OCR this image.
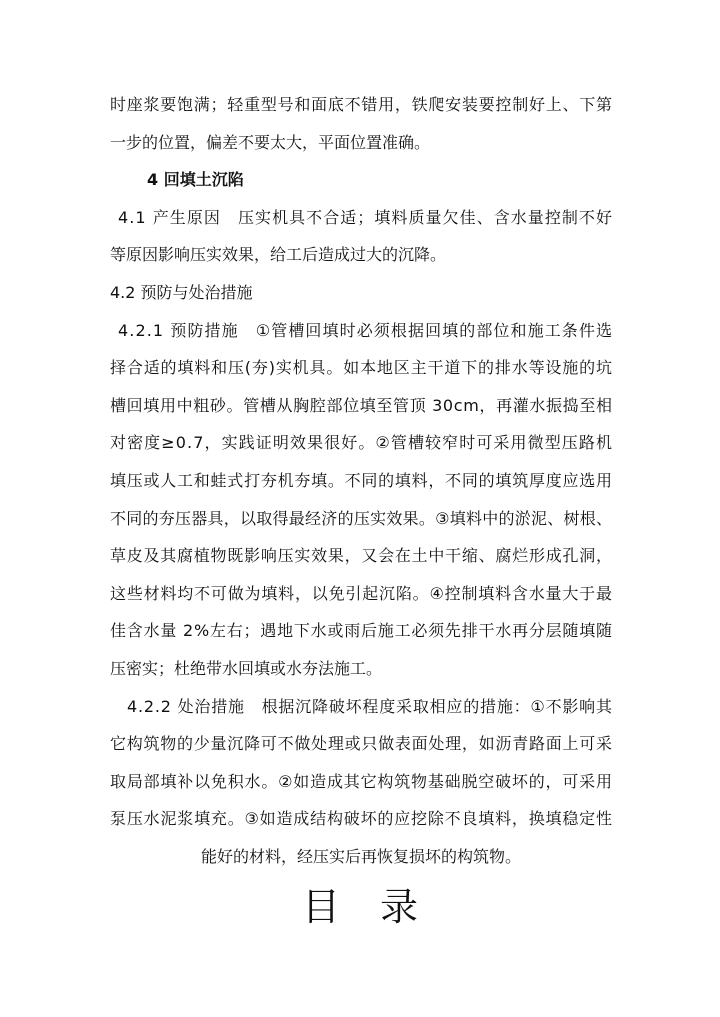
时座浆要饱满；轻重型号和面底不错用，铁爬安装要控制好上、下第
一步的位置，偏差不要太大，平面位置准确。
4 回填土沉陷
4.1 产生原因　压实机具不合适；填料质量欠佳、含水量控制不好
等原因影响压实效果，给工后造成过大的沉降。
4.2 预防与处治措施
4.2.1 预防措施　①管槽回填时必须根据回填的部位和施工条件选
择合适的填料和压(夯)实机具。如本地区主干道下的排水等设施的坑
槽回填用中粗砂。管槽从胸腔部位填至管顶 30cm，再灌水振捣至相
对密度≥0.7，实践证明效果很好。②管槽较窄时可采用微型压路机
填压或人工和蛙式打夯机夯填。不同的填料，不同的填筑厚度应选用
不同的夯压器具，以取得最经济的压实效果。③填料中的淤泥、树根、
草皮及其腐植物既影响压实效果，又会在土中干缩、腐烂形成孔洞，
这些材料均不可做为填料，以免引起沉陷。④控制填料含水量大于最
佳含水量 2%左右；遇地下水或雨后施工必须先排干水再分层随填随
压密实；杜绝带水回填或水夯法施工。
4.2.2 处治措施　根据沉降破坏程度采取相应的措施：①不影响其
它构筑物的少量沉降可不做处理或只做表面处理，如沥青路面上可采
取局部填补以免积水。②如造成其它构筑物基础脱空破坏的，可采用
泵压水泥浆填充。③如造成结构破坏的应挖除不良填料，换填稳定性
能好的材料，经压实后再恢复损坏的构筑物。
目录
